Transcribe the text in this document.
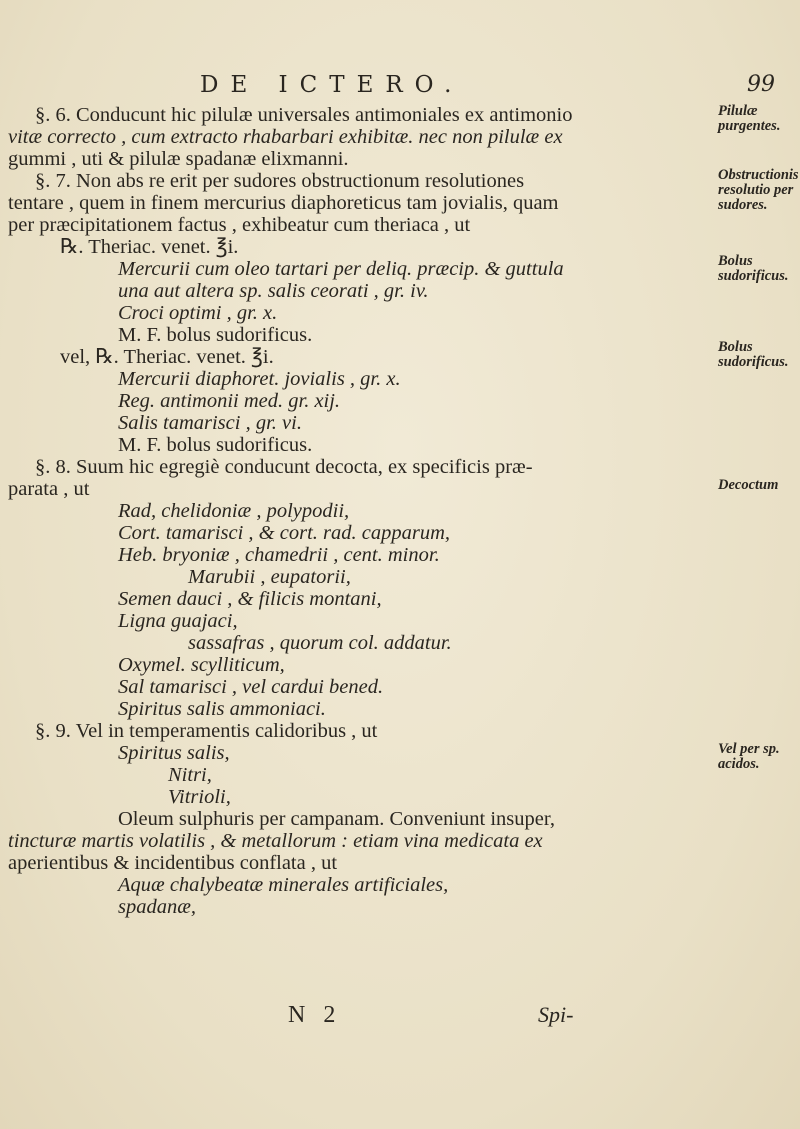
DE ICTERO.	99
§. 6. Conducunt hic pilulæ universales antimoniales ex antimonio
vitæ correcto , cum extracto rhabarbari exhibitæ. nec non pilulæ ex
gummi , uti & pilulæ spadanæ elixmanni.
§. 7. Non abs re erit per sudores obstructionum resolutiones
tentare , quem in finem mercurius diaphoreticus tam jovialis, quam
per præcipitationem factus , exhibeatur cum theriaca , ut
℞. Theriac. venet. ℥i.
Mercurii cum oleo tartari per deliq. præcip. & guttula
una aut altera sp. salis ceorati , gr. iv.
Croci optimi , gr. x.
M. F. bolus sudorificus.
vel, ℞. Theriac. venet. ℥i.
Mercurii diaphoret. jovialis , gr. x.
Reg. antimonii med. gr. xij.
Salis tamarisci , gr. vi.
M. F. bolus sudorificus.
§. 8. Suum hic egregiè conducunt decocta, ex specificis præ-
parata , ut
Rad, chelidoniæ , polypodii,
Cort. tamarisci , & cort. rad. capparum,
Heb. bryoniæ , chamedrii , cent. minor.
Marubii , eupatorii,
Semen dauci , & filicis montani,
Ligna guajaci,
sassafras , quorum col. addatur.
Oxymel. scylliticum,
Sal tamarisci , vel cardui bened.
Spiritus salis ammoniaci.
§. 9. Vel in temperamentis calidoribus , ut
Spiritus salis,
Nitri,
Vitrioli,
Oleum sulphuris per campanam. Conveniunt insuper,
tincturæ martis volatilis , & metallorum : etiam vina medicata ex
aperientibus & incidentibus conflata , ut
Aquæ chalybeatæ minerales artificiales,
spadanæ,
Pilulæ purgentes.
Obstructionis resolutio per sudores.
Bolus sudorificus.
Bolus sudorificus.
Decoctum
Vel per sp. acidos.
N 2	Spi-
